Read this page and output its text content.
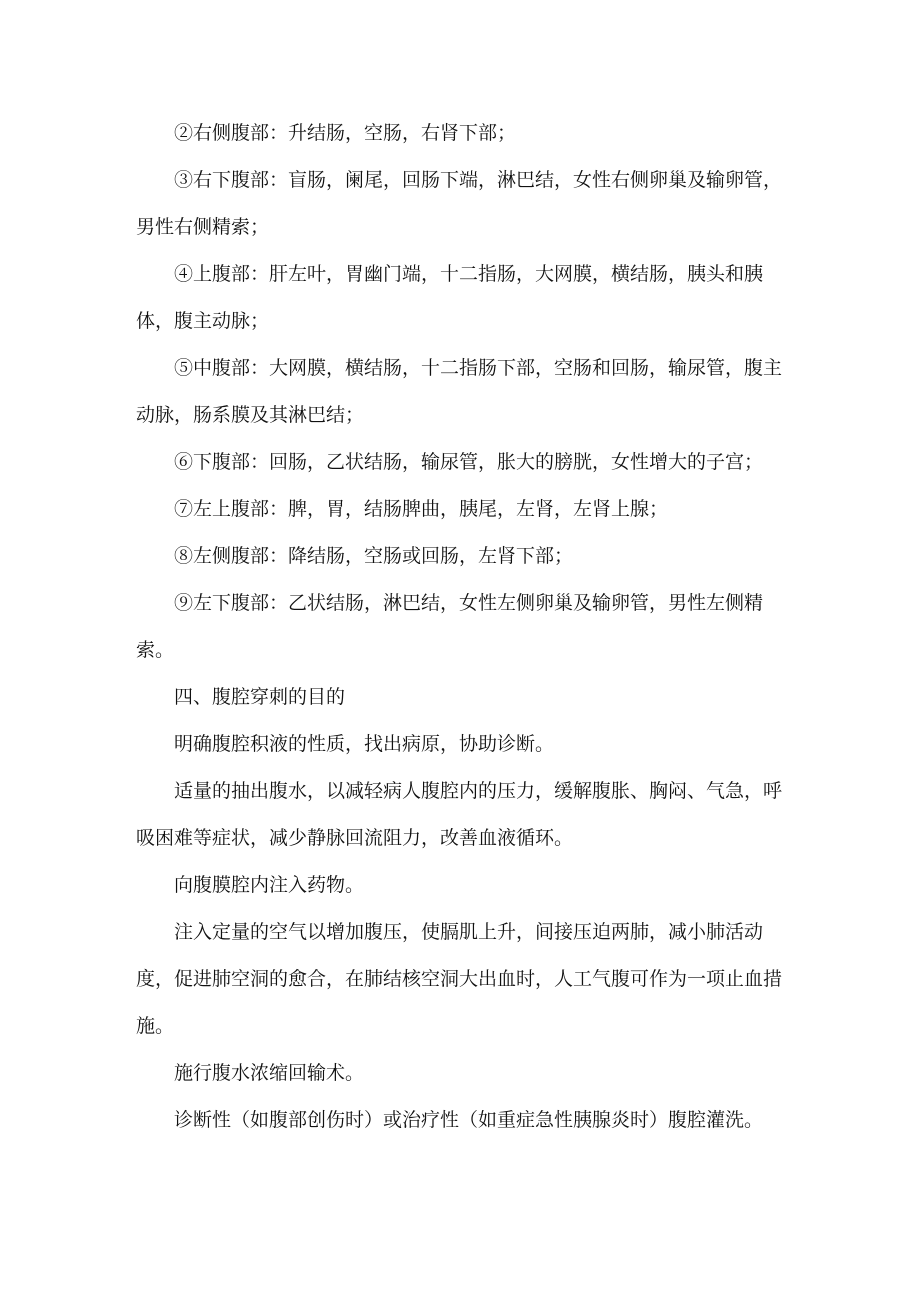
②右侧腹部：升结肠，空肠，右肾下部；

③右下腹部：盲肠，阑尾，回肠下端，淋巴结，女性右侧卵巢及输卵管，男性右侧精索；

④上腹部：肝左叶，胃幽门端，十二指肠，大网膜，横结肠，胰头和胰体，腹主动脉；

⑤中腹部：大网膜，横结肠，十二指肠下部，空肠和回肠，输尿管，腹主动脉，肠系膜及其淋巴结；

⑥下腹部：回肠，乙状结肠，输尿管，胀大的膀胱，女性增大的子宫；

⑦左上腹部：脾，胃，结肠脾曲，胰尾，左肾，左肾上腺；

⑧左侧腹部：降结肠，空肠或回肠，左肾下部；

⑨左下腹部：乙状结肠，淋巴结，女性左侧卵巢及输卵管，男性左侧精索。

四、腹腔穿刺的目的

明确腹腔积液的性质，找出病原，协助诊断。

适量的抽出腹水，以减轻病人腹腔内的压力，缓解腹胀、胸闷、气急，呼吸困难等症状，减少静脉回流阻力，改善血液循环。

向腹膜腔内注入药物。

注入定量的空气以增加腹压，使膈肌上升，间接压迫两肺，减小肺活动度，促进肺空洞的愈合，在肺结核空洞大出血时，人工气腹可作为一项止血措施。

施行腹水浓缩回输术。

诊断性（如腹部创伤时）或治疗性（如重症急性胰腺炎时）腹腔灌洗。
